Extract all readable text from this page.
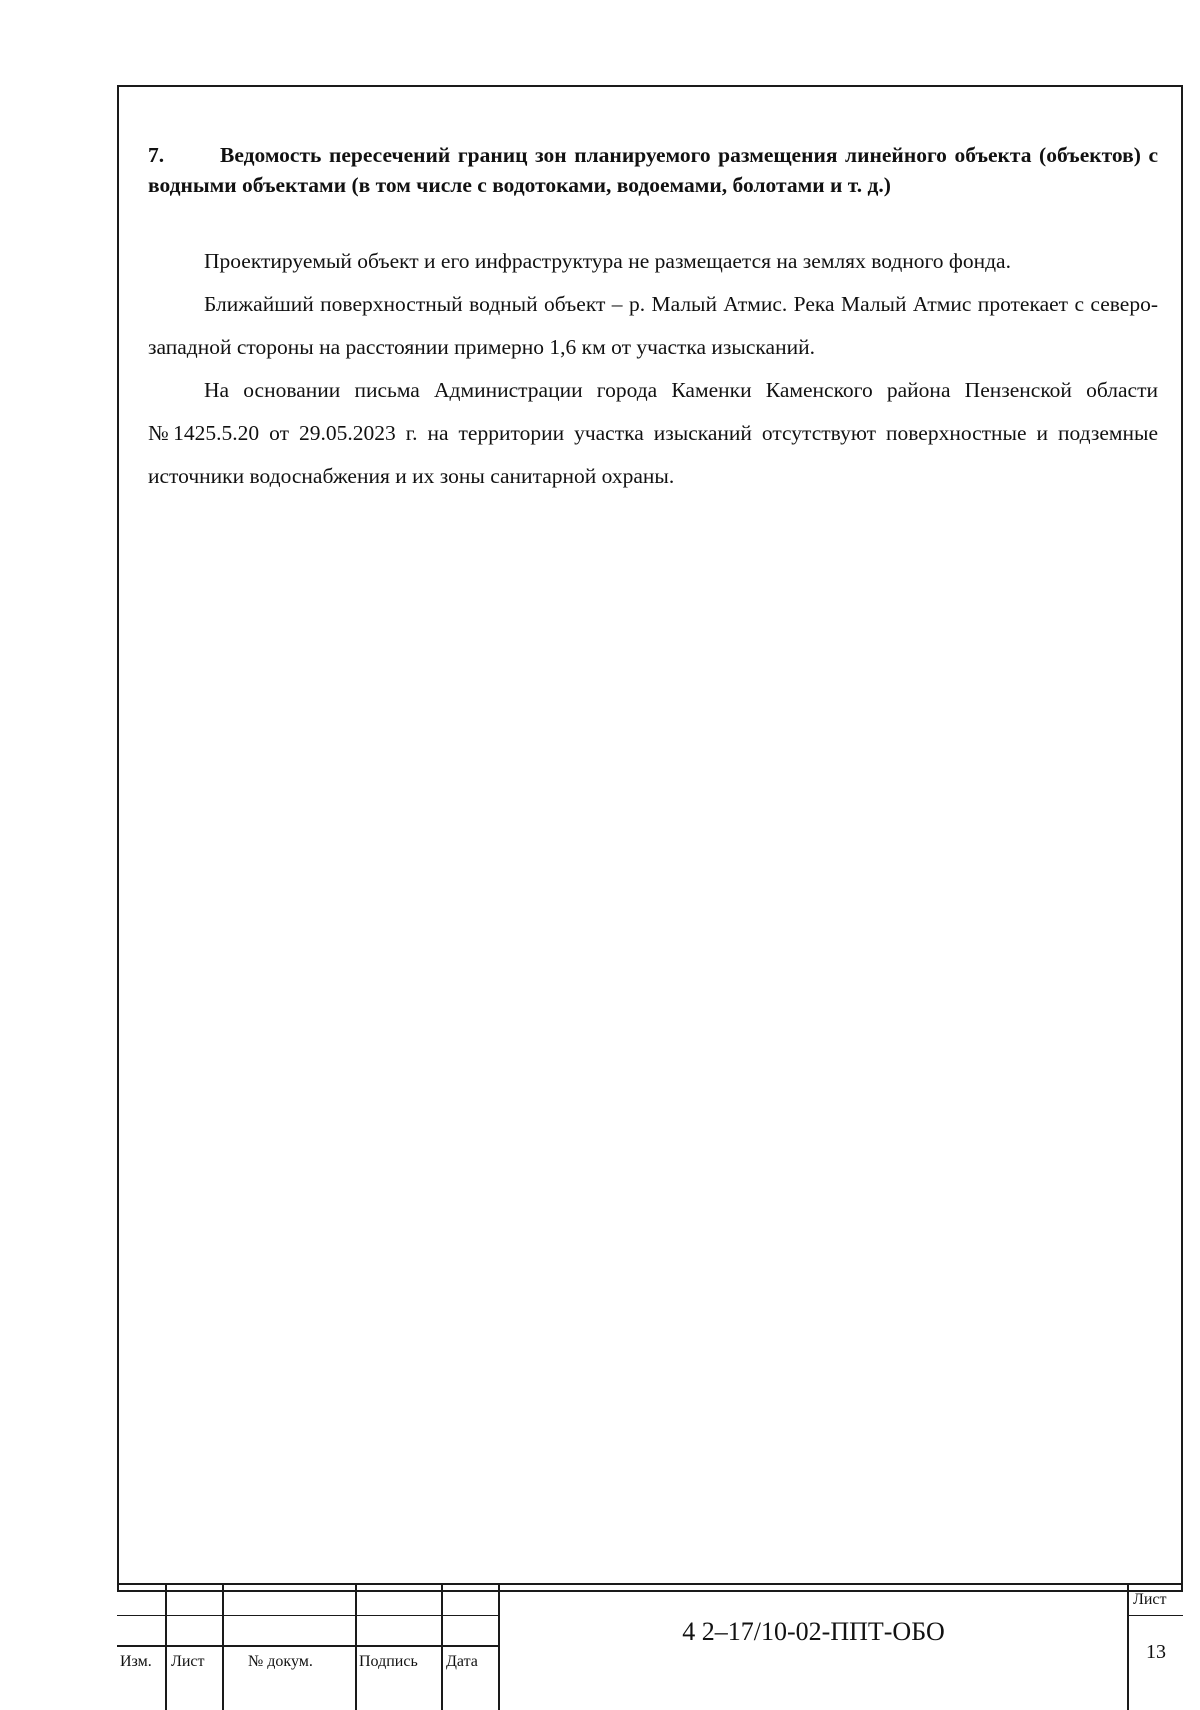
7.	Ведомость пересечений границ зон планируемого размещения линейного объекта (объектов) с водными объектами (в том числе с водотоками, водоемами, болотами и т. д.)

Проектируемый объект и его инфраструктура не размещается на землях водного фонда.

Ближайший поверхностный водный объект – р. Малый Атмис. Река Малый Атмис протекает с северо-западной стороны на расстоянии примерно 1,6 км от участка изысканий.

На основании письма Администрации города Каменки Каменского района Пензенской области №1425.5.20 от 29.05.2023 г. на территории участка изысканий отсутствуют поверхностные и подземные источники водоснабжения и их зоны санитарной охраны.

Изм. Лист	№ докум.	Подпись Дата
4 2–17/10-02-ППТ-ОБО
Лист
13
